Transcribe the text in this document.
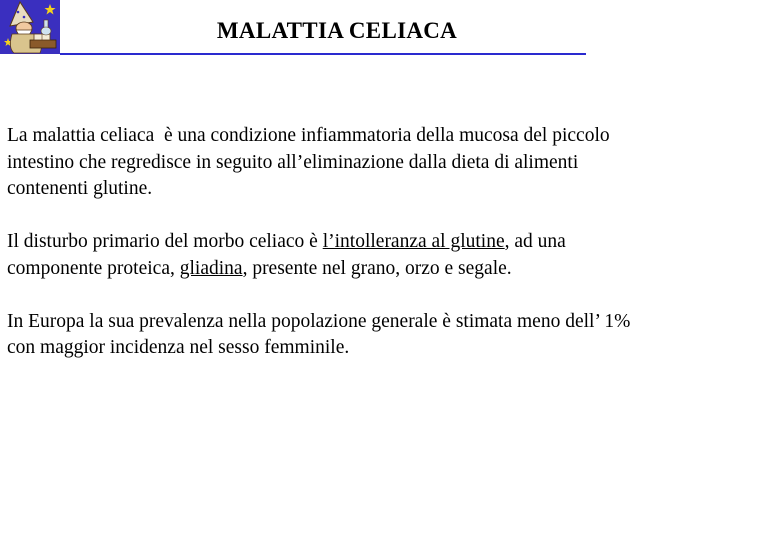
MALATTIA CELIACA

La malattia celiaca  è una condizione infiammatoria della mucosa del piccolo intestino che regredisce in seguito all’eliminazione dalla dieta di alimenti contenenti glutine.

Il disturbo primario del morbo celiaco è l’intolleranza al glutine, ad una componente proteica, gliadina, presente nel grano, orzo e segale.

In Europa la sua prevalenza nella popolazione generale è stimata meno dell’ 1% con maggior incidenza nel sesso femminile.
